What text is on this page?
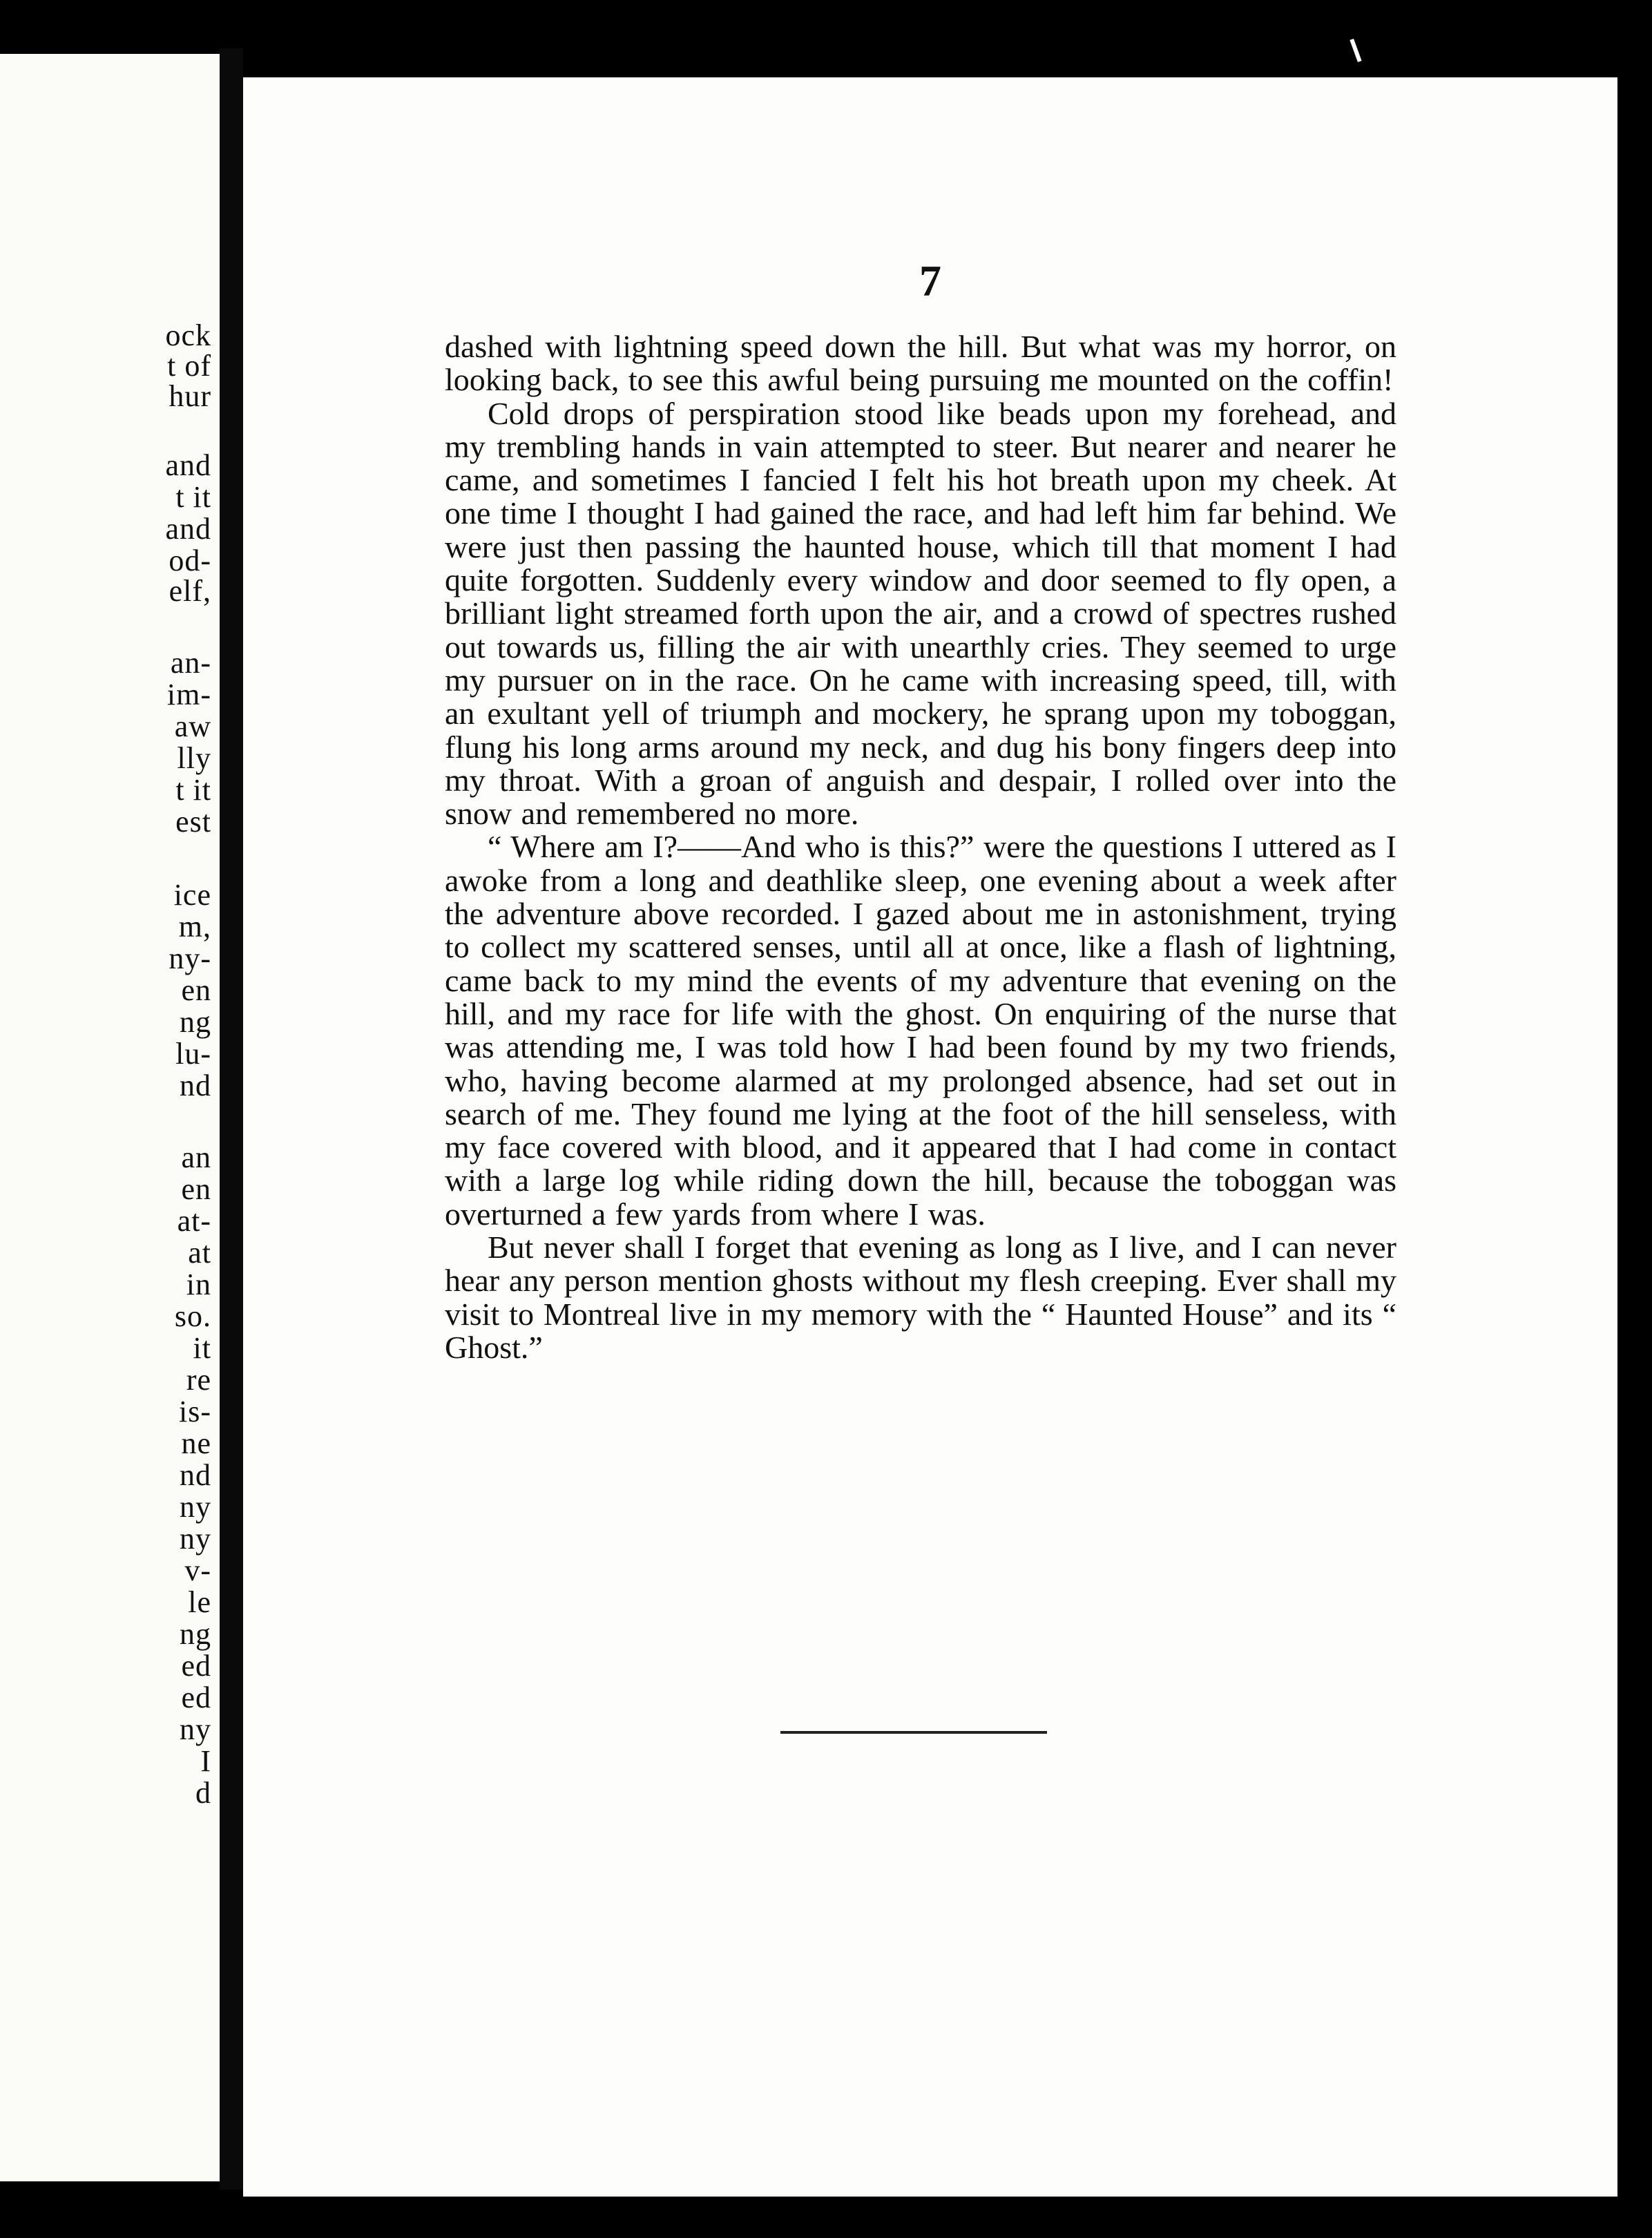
ock
t of
hur
and
t it
and
od-
elf,
an-
im-
aw
lly
t it
est
ice
m,
ny-
en
ng
lu-
nd
an
en
at-
at
in
so.
it
re
is-
ne
nd
ny
ny
v-
le
ng
ed
ed
ny
I
d
7

dashed with lightning speed down the hill. But what was my horror, on looking back, to see this awful being pursuing me mounted on the coffin!

Cold drops of perspiration stood like beads upon my forehead, and my trembling hands in vain attempted to steer. But nearer and nearer he came, and sometimes I fancied I felt his hot breath upon my cheek. At one time I thought I had gained the race, and had left him far behind. We were just then passing the haunted house, which till that moment I had quite forgotten. Suddenly every window and door seemed to fly open, a brilliant light streamed forth upon the air, and a crowd of spectres rushed out towards us, filling the air with unearthly cries. They seemed to urge my pursuer on in the race. On he came with increasing speed, till, with an exultant yell of triumph and mockery, he sprang upon my toboggan, flung his long arms around my neck, and dug his bony fingers deep into my throat. With a groan of anguish and despair, I rolled over into the snow and remembered no more.

“ Where am I?——And who is this?” were the questions I uttered as I awoke from a long and deathlike sleep, one evening about a week after the adventure above recorded. I gazed about me in astonishment, trying to collect my scattered senses, until all at once, like a flash of lightning, came back to my mind the events of my adventure that evening on the hill, and my race for life with the ghost. On enquiring of the nurse that was attending me, I was told how I had been found by my two friends, who, having become alarmed at my prolonged absence, had set out in search of me. They found me lying at the foot of the hill senseless, with my face covered with blood, and it appeared that I had come in contact with a large log while riding down the hill, because the toboggan was overturned a few yards from where I was.

But never shall I forget that evening as long as I live, and I can never hear any person mention ghosts without my flesh creeping. Ever shall my visit to Montreal live in my memory with the “ Haunted House” and its “ Ghost.”
